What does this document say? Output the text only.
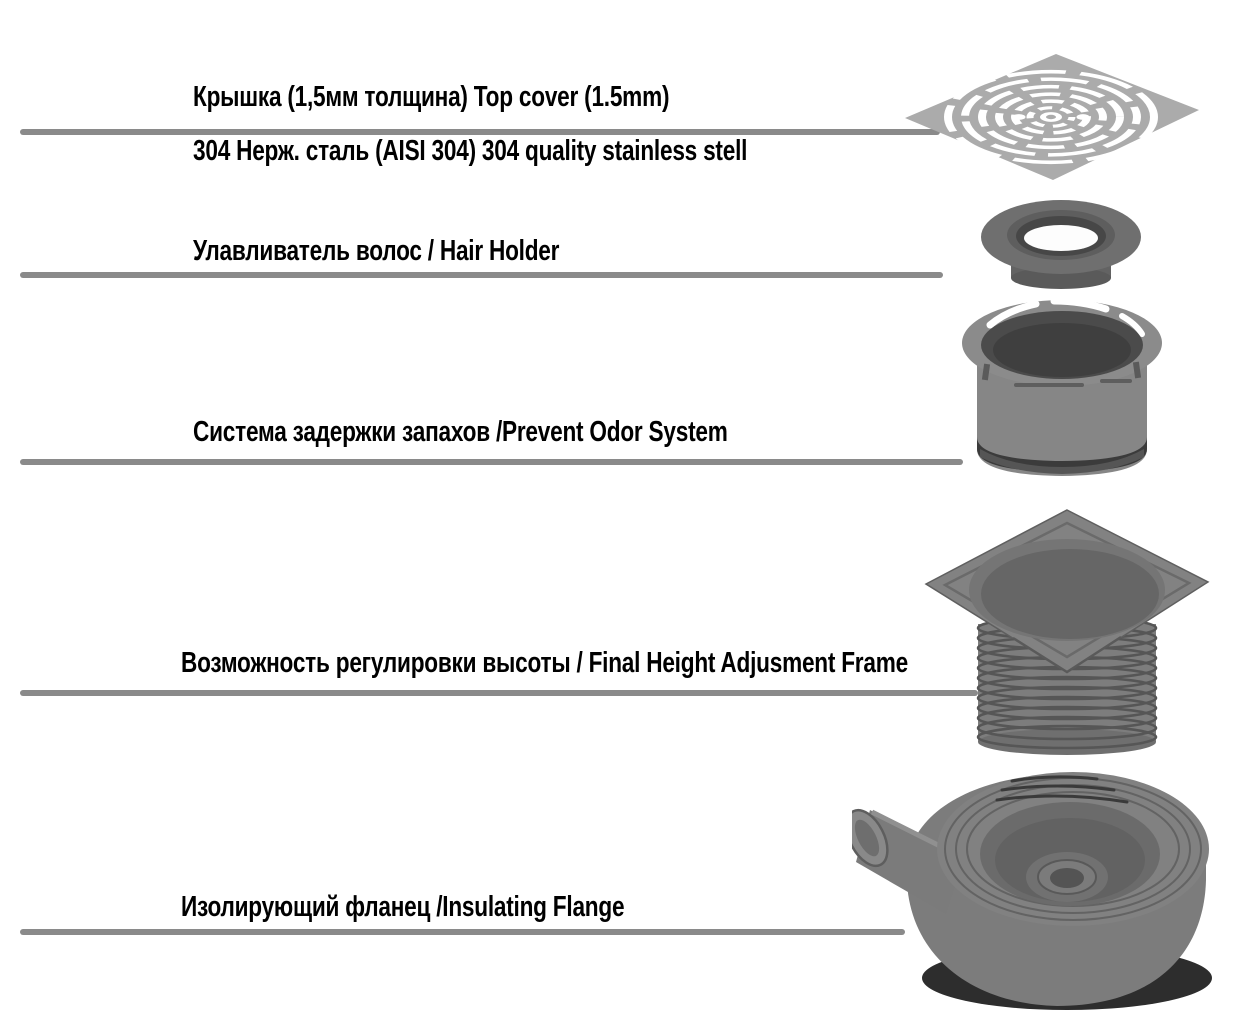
Крышка (1,5мм толщина) Top cover (1.5mm)
304 Нерж. сталь (AISI 304) 304 quality stainless stell
Улавливатель волос / Hair Holder
Система задержки запахов /Prevent Odor System
Возможность регулировки высоты / Final Height Adjusment Frame
Изолирующий фланец /Insulating Flange
